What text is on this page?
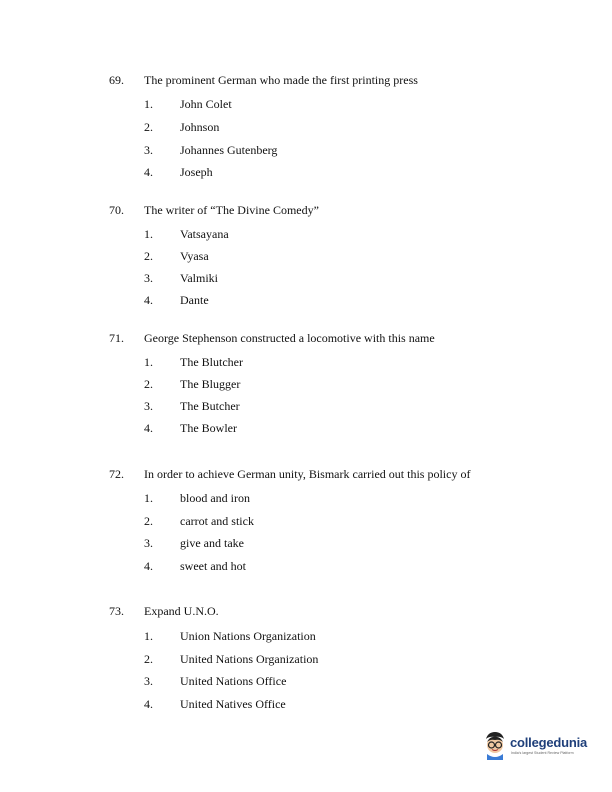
69. The prominent German who made the first printing press
1. John Colet
2. Johnson
3. Johannes Gutenberg
4. Joseph
70. The writer of “The Divine Comedy”
1. Vatsayana
2. Vyasa
3. Valmiki
4. Dante
71. George Stephenson constructed a locomotive with this name
1. The Blutcher
2. The Blugger
3. The Butcher
4. The Bowler
72. In order to achieve German unity, Bismark carried out this policy of
1. blood and iron
2. carrot and stick
3. give and take
4. sweet and hot
73. Expand U.N.O.
1. Union Nations Organization
2. United Nations Organization
3. United Nations Office
4. United Natives Office
collegedunia
India's largest Student Review Platform
